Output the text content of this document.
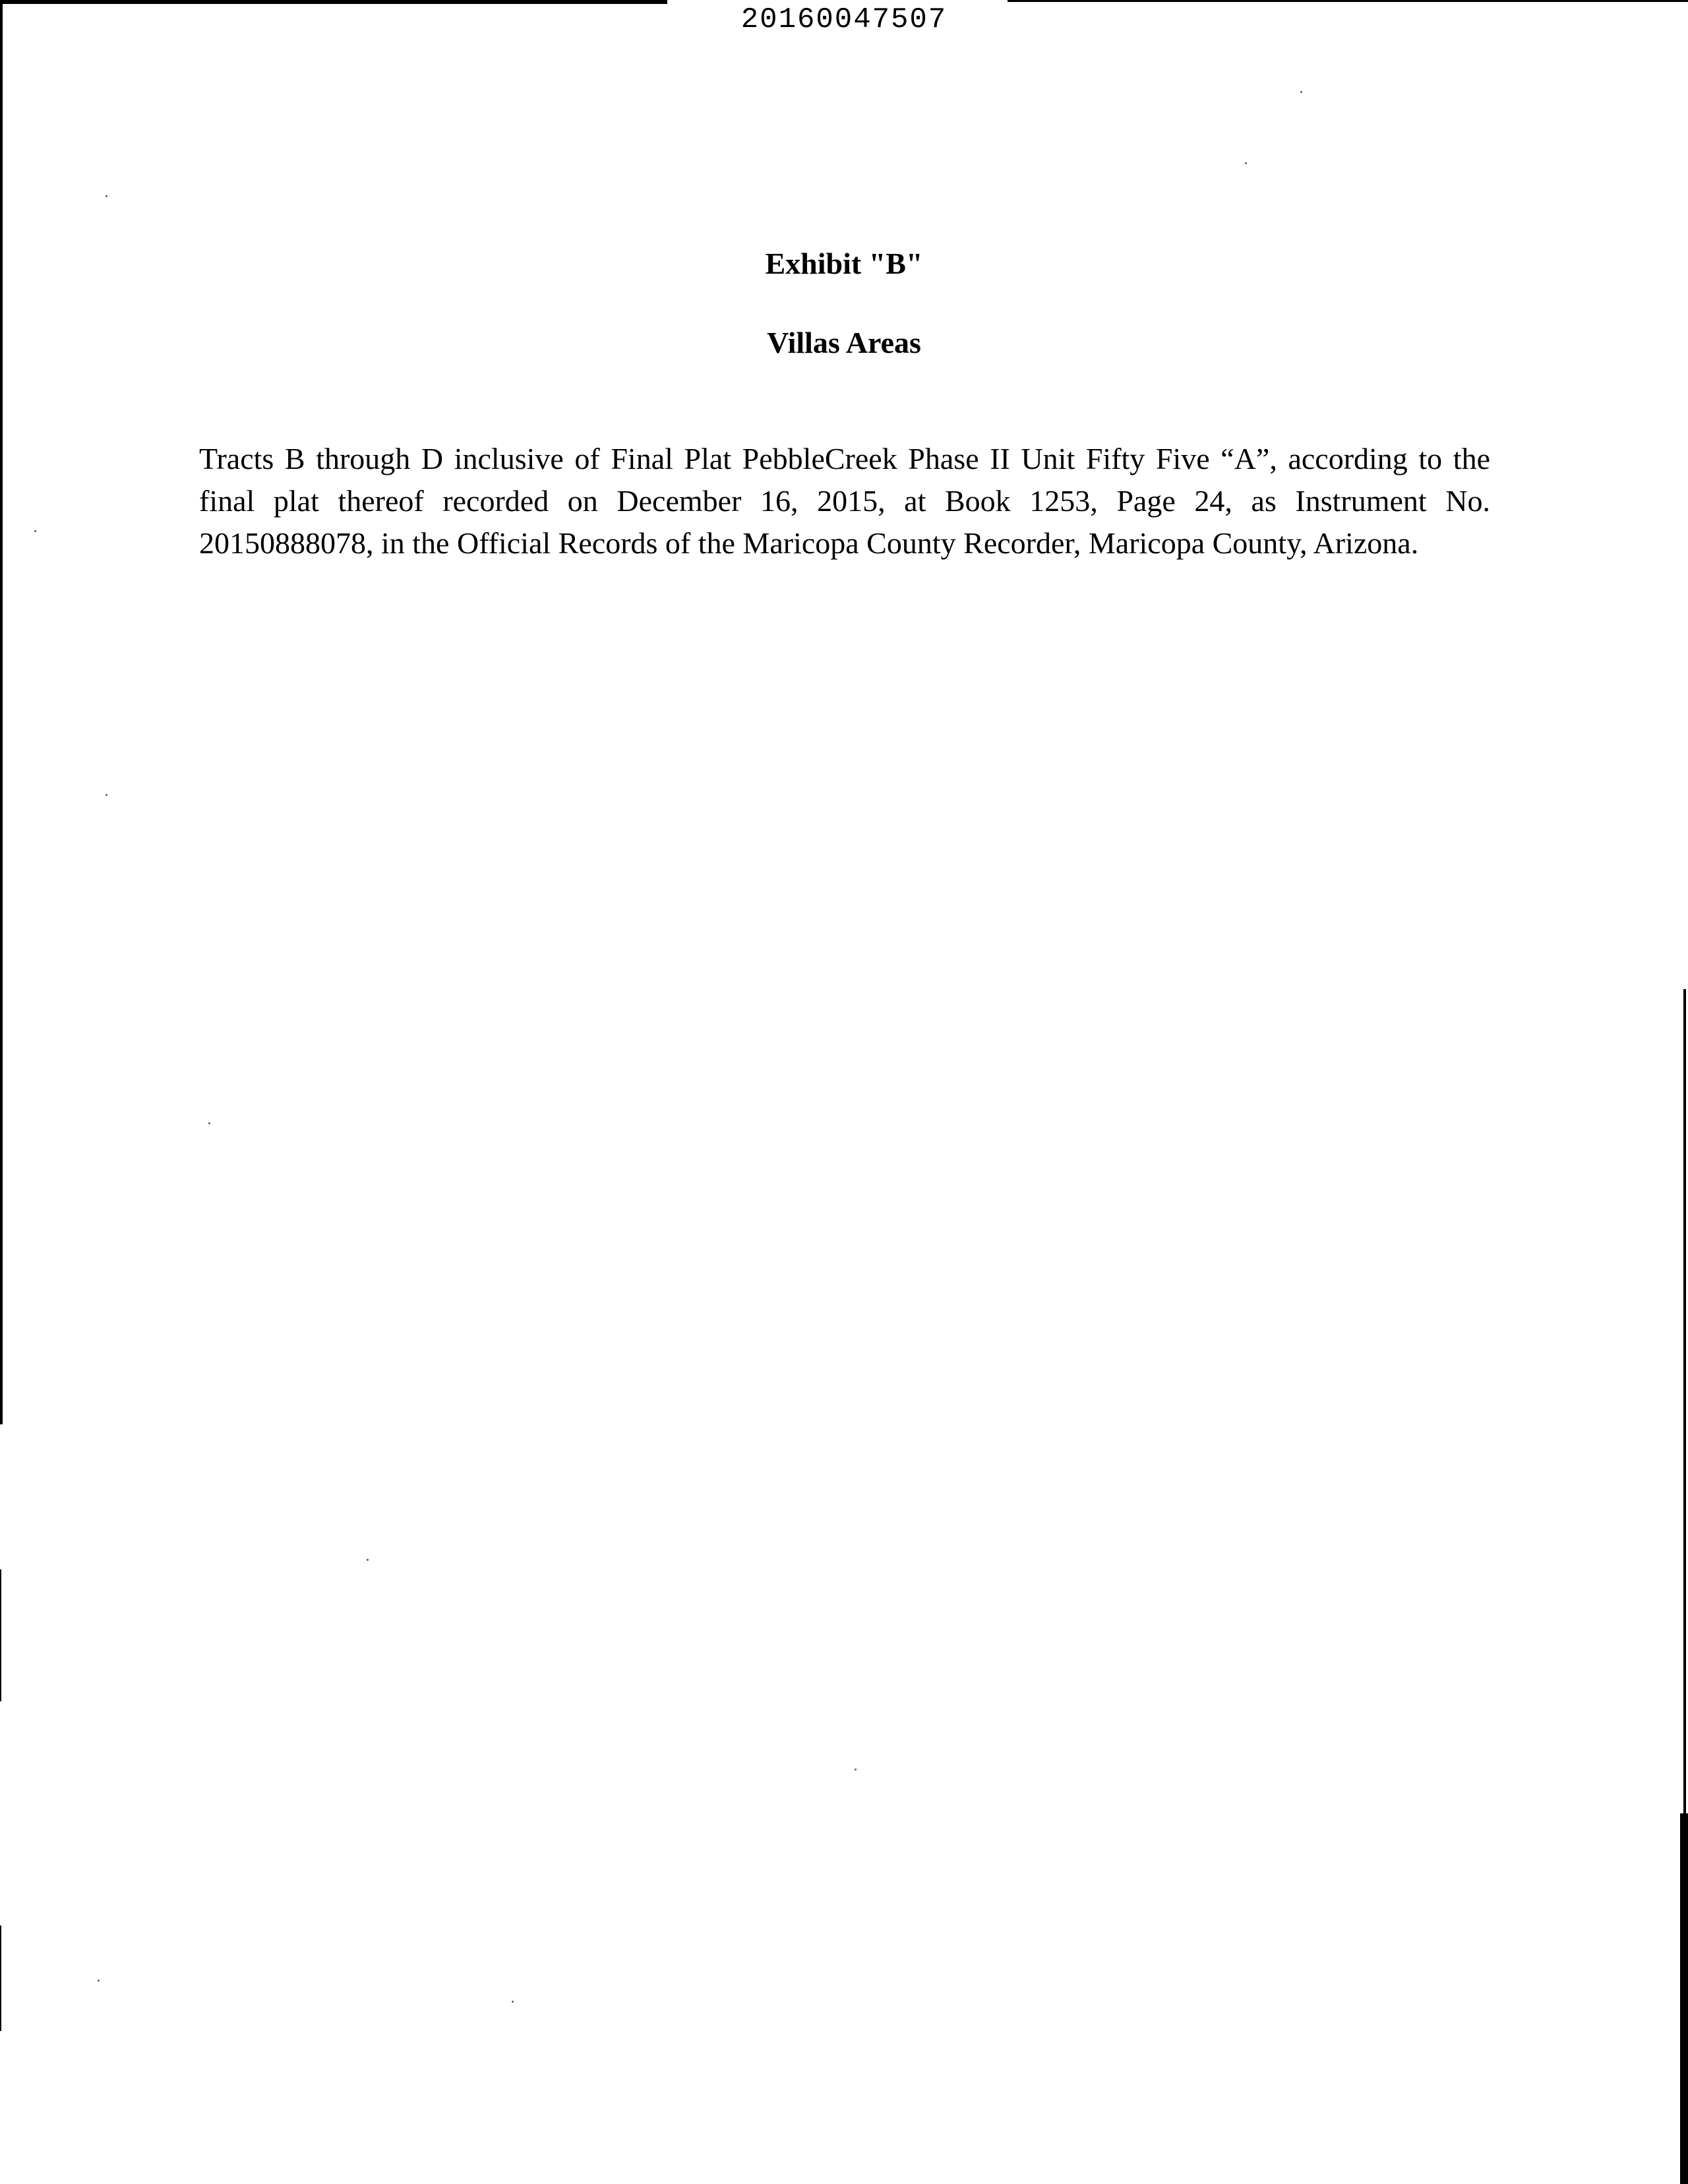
20160047507
Exhibit "B"
Villas Areas

Tracts B through D inclusive of Final Plat PebbleCreek Phase II Unit Fifty Five “A”, according to the final plat thereof recorded on December 16, 2015, at Book 1253, Page 24, as Instrument No. 20150888078, in the Official Records of the Maricopa County Recorder, Maricopa County, Arizona.
